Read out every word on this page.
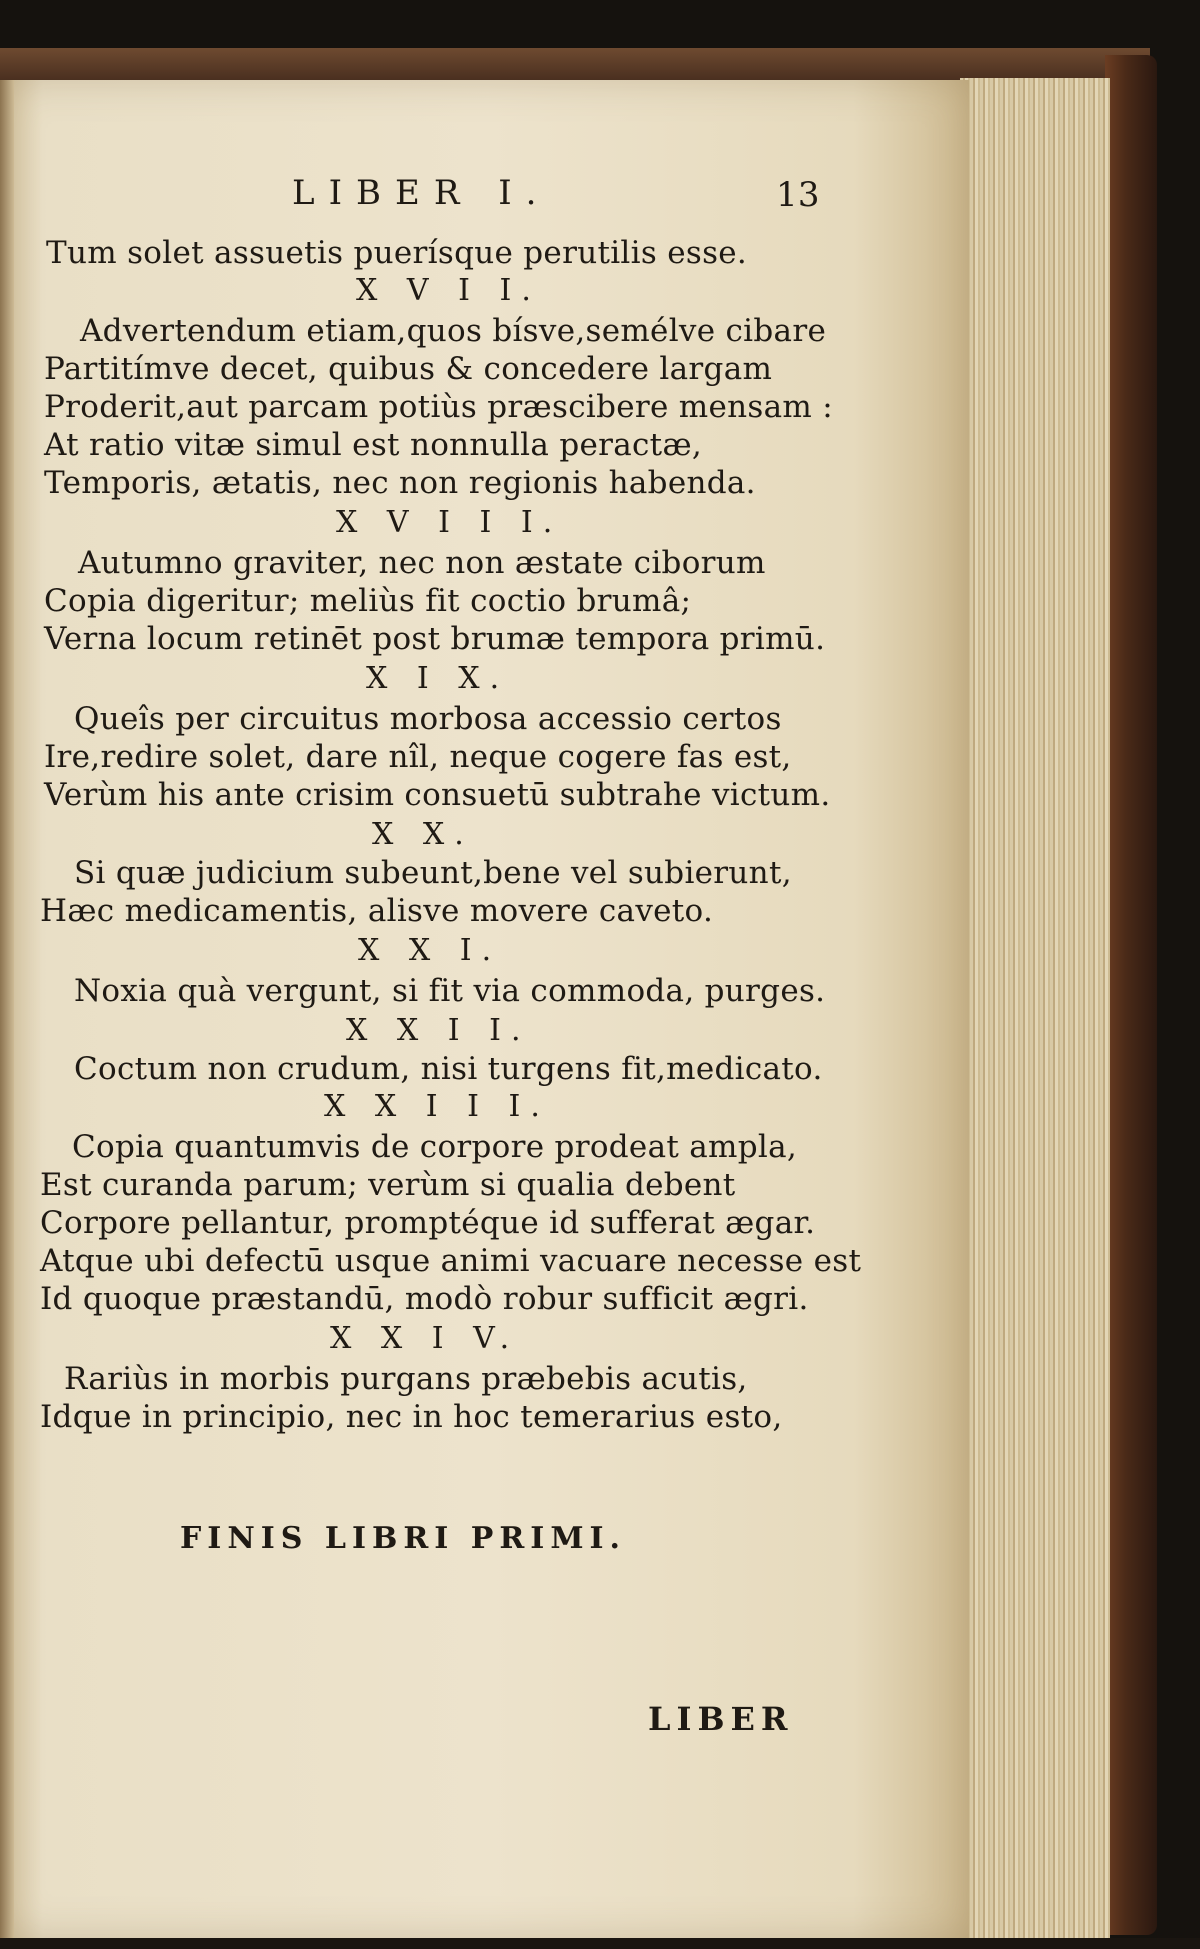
LIBER I.	13
Tum solet assuetis puerísque perutilis esse.
X V I I.
Advertendum etiam,quos bísve,semélve cibare
Partitímve decet, quibus & concedere largam
Proderit,aut parcam potiùs præscibere mensam :
At ratio vitæ simul est nonnulla peractæ,
Temporis, ætatis, nec non regionis habenda.
X V I I I.
Autumno graviter, nec non æstate ciborum
Copia digeritur; meliùs fit coctio brumâ;
Verna locum retinēt post brumæ tempora primū.
X I X.
Queîs per circuitus morbosa accessio certos
Ire,redire solet, dare nîl, neque cogere fas est,
Verùm his ante crisim consuetū subtrahe victum.
X X.
Si quæ judicium subeunt,bene vel subierunt,
Hæc medicamentis, alisve movere caveto.
X X I.
Noxia quà vergunt, si fit via commoda, purges.
X X I I.
Coctum non crudum, nisi turgens fit,medicato.
X X I I I.
Copia quantumvis de corpore prodeat ampla,
Est curanda parum; verùm si qualia debent
Corpore pellantur, promptéque id sufferat ægar.
Atque ubi defectū usque animi vacuare necesse est
Id quoque præstandū, modò robur sufficit ægri.
X X I V.
Rariùs in morbis purgans præbebis acutis,
Idque in principio, nec in hoc temerarius esto,
FINIS LIBRI PRIMI.
LIBER
